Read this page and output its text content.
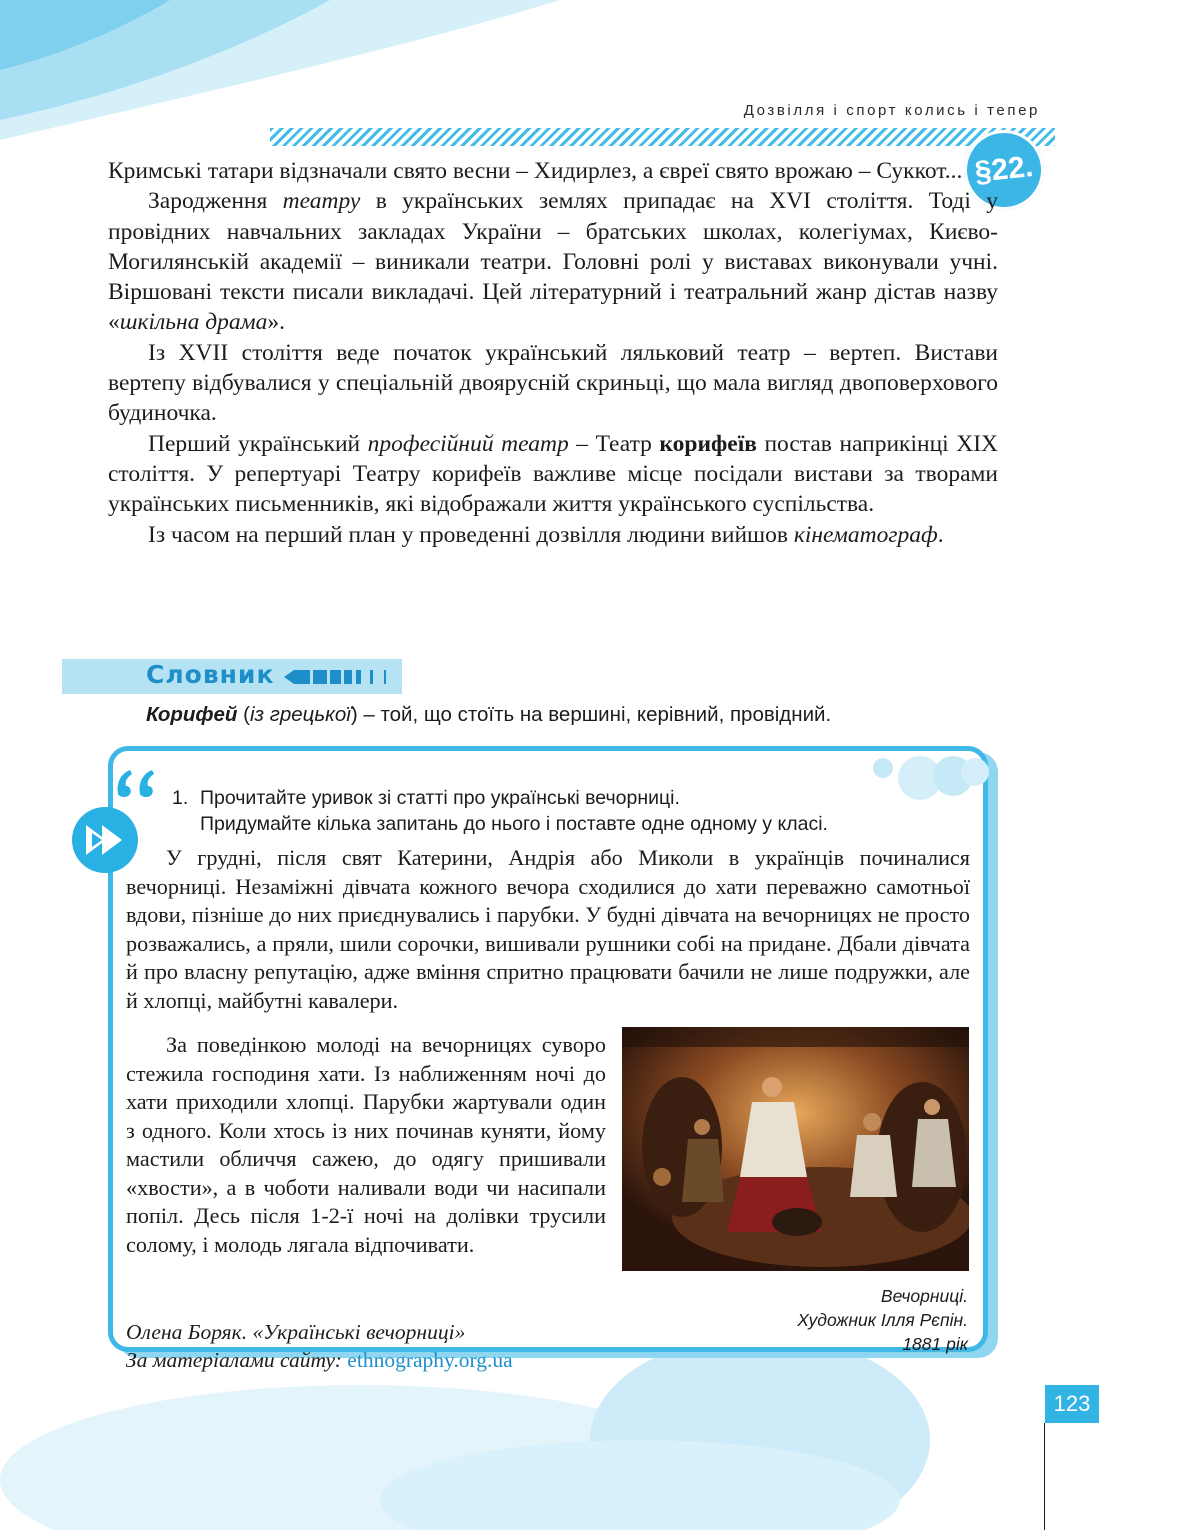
Дозвілля і спорт колись і тепер
§22.

Кримські татари відзначали свято весни – Хидирлез, а євреї свято врожаю – Суккот...

Зародження театру в українських землях припадає на XVI століття. Тоді у провідних навчальних закладах України – братських школах, колегіумах, Києво-Могилянській академії – виникали театри. Головні ролі у виставах виконували учні. Віршовані тексти писали викладачі. Цей літературний і театральний жанр дістав назву «шкільна драма».

Із XVII століття веде початок український ляльковий театр – вертеп. Вистави вертепу відбувалися у спеціальній двоярусній скриньці, що мала вигляд двоповерхового будиночка.

Перший український професійний театр – Театр корифеїв постав наприкінці XIX століття. У репертуарі Театру корифеїв важливе місце посідали вистави за творами українських письменників, які відображали життя українського суспільства.

Із часом на перший план у проведенні дозвілля людини вийшов кінематограф.

Словник
Корифей (із грецької) – той, що стоїть на вершині, керівний, провідний.
1. Прочитайте уривок зі статті про українські вечорниці.
Придумайте кілька запитань до нього і поставте одне одному у класі.

У грудні, після свят Катерини, Андрія або Миколи в українців починалися вечорниці. Незаміжні дівчата кожного вечора сходилися до хати переважно самотньої вдови, пізніше до них приєднувались і парубки. У будні дівчата на вечорницях не просто розважались, а пряли, шили сорочки, вишивали рушники собі на придане. Дбали дівчата й про власну репутацію, адже вміння спритно працювати бачили не лише подружки, але й хлопці, майбутні кавалери.

За поведінкою молоді на вечорницях суворо стежила господиня хати. Із наближенням ночі до хати приходили хлопці. Парубки жартували один з одного. Коли хтось із них починав куняти, йому мастили обличчя сажею, до одягу пришивали «хвости», а в чоботи наливали води чи насипали попіл. Десь після 1-2-ї ночі на долівки трусили солому, і молодь лягала відпочивати.

Вечорниці.
Художник Ілля Рєпін.
1881 рік
Олена Боряк. «Українські вечорниці»
За матеріалами сайту: ethnography.org.ua
123
